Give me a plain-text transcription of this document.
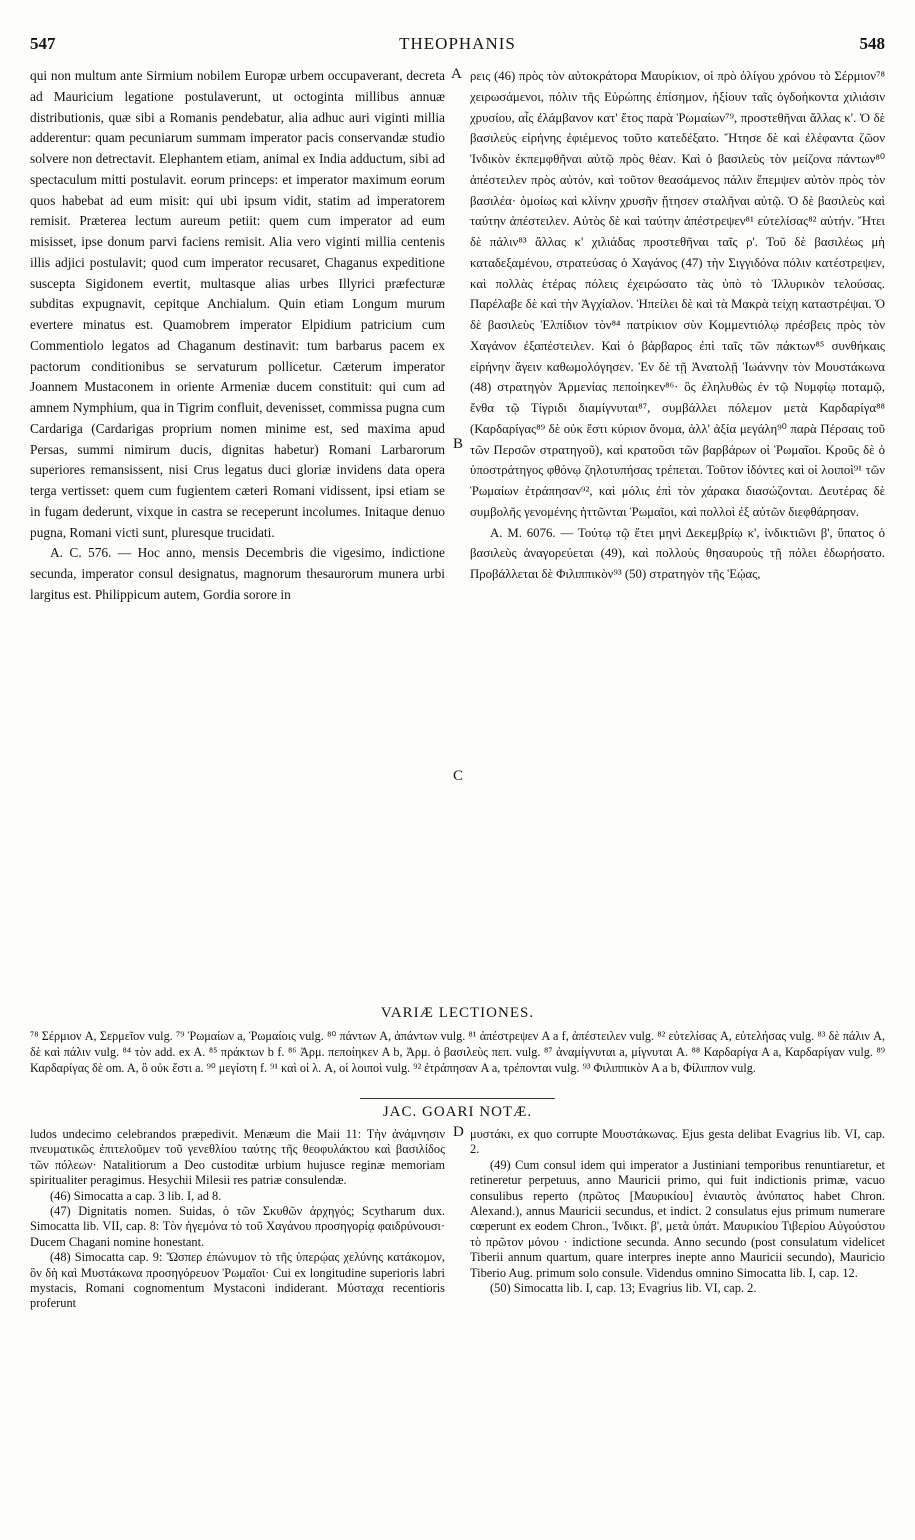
547	THEOPHANIS	548

qui non multum ante Sirmium nobilem Europæ urbem occupaverant, decreta ad Mauricium legatione postulaverunt, ut octoginta millibus annuæ distributionis, quæ sibi a Romanis pendebatur, alia adhuc auri viginti millia adderentur: quam pecuniarum summam imperator pacis conservandæ studio solvere non detrectavit. Elephantem etiam, animal ex India adductum, sibi ad spectaculum mitti postulavit. eorum princeps: et imperator maximum eorum quos habebat ad eum misit: qui ubi ipsum vidit, statim ad imperatorem remisit. Præterea lectum aureum petiit: quem cum imperator ad eum misisset, ipse donum parvi faciens remisit. Alia vero viginti millia centenis illis adjici postulavit; quod cum imperator recusaret, Chaganus expeditione suscepta Sigidonem evertit, multasque alias urbes Illyrici præfecturæ subditas expugnavit, cepitque Anchialum. Quin etiam Longum murum evertere minatus est. Quamobrem imperator Elpidium patricium cum Commentiolo legatos ad Chaganum destinavit: tum barbarus pacem ex pactorum conditionibus se servaturum pollicetur. Cæterum imperator Joannem Mustaconem in oriente Armeniæ ducem constituit: qui cum ad amnem Nymphium, qua in Tigrim confluit, devenisset, commissa pugna cum Cardariga (Cardarigas proprium nomen minime est, sed maxima apud Persas, summi nimirum ducis, dignitas habetur) Romani Larbarorum superiores remansissent, nisi Crus legatus duci gloriæ invidens data opera terga vertisset: quem cum fugientem cæteri Romani vidissent, ipsi etiam se in fugam dederunt, vixque in castra se receperunt incolumes. Initaque denuo pugna, Romani victi sunt, pluresque trucidati.

A. C. 576. — Hoc anno, mensis Decembris die vigesimo, indictione secunda, imperator consul designatus, magnorum thesaurorum munera urbi largitus est. Philippicum autem, Gordia sorore in

ρεις (46) πρὸς τὸν αὐτοκράτορα Μαυρίκιον, οἱ πρὸ ὀλίγου χρόνου τὸ Σέρμιον⁷⁸ χειρωσάμενοι, πόλιν τῆς Εὐρώπης ἐπίσημον, ἠξίουν ταῖς ὀγδοήκοντα χιλιάσιν χρυσίου, αἷς ἐλάμβανον κατ' ἔτος παρὰ Ῥωμαίων⁷⁹, προστεθῆναι ἄλλας κ'. Ὁ δὲ βασιλεὺς εἰρήνης ἐφιέμενος τοῦτο κατεδέξατο. Ἤτησε δὲ καὶ ἐλέφαντα ζῶον Ἰνδικὸν ἐκπεμφθῆναι αὐτῷ πρὸς θέαν. Καὶ ὁ βασιλεὺς τὸν μείζονα πάντων⁸⁰ ἀπέστειλεν πρὸς αὐτόν, καὶ τοῦτον θεασάμενος πάλιν ἔπεμψεν αὐτὸν πρὸς τὸν βασιλέα· ὁμοίως καὶ κλίνην χρυσῆν ᾔτησεν σταλῆναι αὐτῷ. Ὁ δὲ βασιλεὺς καὶ ταύτην ἀπέστειλεν. Αὐτὸς δὲ καὶ ταύτην ἀπέστρεψεν⁸¹ εὐτελίσας⁸² αὐτήν. Ἤτει δὲ πάλιν⁸³ ἄλλας κ' χιλιάδας προστεθῆναι ταῖς ρ'. Τοῦ δὲ βασιλέως μὴ καταδεξαμένου, στρατεύσας ὁ Χαγάνος (47) τὴν Σιγγιδόνα πόλιν κατέστρεψεν, καὶ πολλὰς ἑτέρας πόλεις ἐχειρώσατο τὰς ὑπὸ τὸ Ἰλλυρικὸν τελούσας. Παρέλαβε δὲ καὶ τὴν Ἀγχίαλον. Ἠπείλει δὲ καὶ τὰ Μακρὰ τείχη καταστρέψαι. Ὁ δὲ βασιλεὺς Ἐλπίδιον τὸν⁸⁴ πατρίκιον σὺν Κομμεντιόλῳ πρέσβεις πρὸς τὸν Χαγάνον ἐξαπέστειλεν. Καὶ ὁ βάρβαρος ἐπὶ ταῖς τῶν πάκτων⁸⁵ συνθήκαις εἰρήνην ἄγειν καθωμολόγησεν. Ἐν δὲ τῇ Ἀνατολῇ Ἰωάννην τὸν Μουστάκωνα (48) στρατηγὸν Ἀρμενίας πεποίηκεν⁸⁶· ὃς ἐληλυθὼς ἐν τῷ Νυμφίῳ ποταμῷ, ἔνθα τῷ Τίγριδι διαμίγνυται⁸⁷, συμβάλλει πόλεμον μετὰ Καρδαρίγα⁸⁸ (Καρδαρίγας⁸⁹ δὲ οὐκ ἔστι κύριον ὄνομα, ἀλλ' ἀξία μεγάλη⁹⁰ παρὰ Πέρσαις τοῦ τῶν Περσῶν στρατηγοῦ), καὶ κρατοῦσι τῶν βαρβάρων οἱ Ῥωμαῖοι. Κροῦς δὲ ὁ ὑποστράτηγος φθόνῳ ζηλοτυπήσας τρέπεται. Τοῦτον ἰδόντες καὶ οἱ λοιποὶ⁹¹ τῶν Ῥωμαίων ἐτράπησαν⁹², καὶ μόλις ἐπὶ τὸν χάρακα διασώζονται. Δευτέρας δὲ συμβολῆς γενομένης ἡττῶνται Ῥωμαῖοι, καὶ πολλοὶ ἐξ αὐτῶν διεφθάρησαν.

Α. Μ. 6076. — Τούτῳ τῷ ἔτει μηνὶ Δεκεμβρίῳ κ', ἰνδικτιῶνι β', ὕπατος ὁ βασιλεὺς ἀναγορεύεται (49), καὶ πολλοὺς θησαυροὺς τῇ πόλει ἐδωρήσατο. Προβάλλεται δὲ Φιλιππικὸν⁹³ (50) στρατηγὸν τῆς Ἑῴας,

A
B
C
D
VARIÆ LECTIONES.

⁷⁸ Σέρμιον A, Σερμεῖον vulg. ⁷⁹ Ῥωμαίων a, Ῥωμαίοις vulg. ⁸⁰ πάντων A, ἁπάντων vulg. ⁸¹ ἀπέστρεψεν A a f, ἀπέστειλεν vulg. ⁸² εὐτελίσας A, εὐτελήσας vulg. ⁸³ δὲ πάλιν A, δὲ καὶ πάλιν vulg. ⁸⁴ τὸν add. ex A. ⁸⁵ πράκτων b f. ⁸⁶ Ἀρμ. πεποίηκεν A b, Ἀρμ. ὁ βασιλεὺς πεπ. vulg. ⁸⁷ ἀναμίγνυται a, μίγνυται A. ⁸⁸ Καρδαρίγα A a, Καρδαρίγαν vulg. ⁸⁹ Καρδαρίγας δὲ om. A, ὃ οὐκ ἔστι a. ⁹⁰ μεγίστη f. ⁹¹ καὶ οἱ λ. A, οἱ λοιποὶ vulg. ⁹² ἐτράπησαν A a, τρέπονται vulg. ⁹³ Φιλιππικὸν A a b, Φίλιππον vulg.

JAC. GOARI NOTÆ.

ludos undecimo celebrandos præpedivit. Menæum die Maii 11: Τὴν ἀνάμνησιν πνευματικῶς ἐπιτελοῦμεν τοῦ γενεθλίου ταύτης τῆς θεοφυλάκτου καὶ βασιλίδος τῶν πόλεων· Natalitiorum a Deo custoditæ urbium hujusce reginæ memoriam spiritualiter peragimus. Hesychii Milesii res patriæ consulendæ.

(46) Simocatta a cap. 3 lib. I, ad 8.

(47) Dignitatis nomen. Suidas, ὁ τῶν Σκυθῶν ἀρχηγός; Scytharum dux. Simocatta lib. VII, cap. 8: Τὸν ἡγεμόνα τὸ τοῦ Χαγάνου προσηγορίᾳ φαιδρύνουσι· Ducem Chagani nomine honestant.

(48) Simocatta cap. 9: Ὥσπερ ἐπώνυμον τὸ τῆς ὑπερῴας χελύνης κατάκομον, ὃν δὴ καὶ Μυστάκωνα προσηγόρευον Ῥωμαῖοι· Cui ex longitudine superioris labri mystacis, Romani cognomentum Mystaconi indiderant. Μύσταχα recentioris proferunt

μυστάκι, ex quo corrupte Μουστάκωνας. Ejus gesta delibat Evagrius lib. VI, cap. 2.

(49) Cum consul idem qui imperator a Justiniani temporibus renuntiaretur, et retineretur perpetuus, anno Mauricii primo, qui fuit indictionis primæ, vacuo consulibus reperto (πρῶτος [Μαυρικίου] ἐνιαυτὸς ἀνύπατος habet Chron. Alexand.), annus Mauricii secundus, et indict. 2 consulatus ejus primum numerare cœperunt ex eodem Chron., Ἰνδικτ. β', μετὰ ὑπάτ. Μαυρικίου Τιβερίου Αὐγούστου τὸ πρῶτον μόνου · indictione secunda. Anno secundo (post consulatum videlicet Tiberii annum quartum, quare interpres inepte anno Mauricii secundo), Mauricio Tiberio Aug. primum solo consule. Videndus omnino Simocatta lib. I, cap. 12.

(50) Simocatta lib. I, cap. 13; Evagrius lib. VI, cap. 2.
